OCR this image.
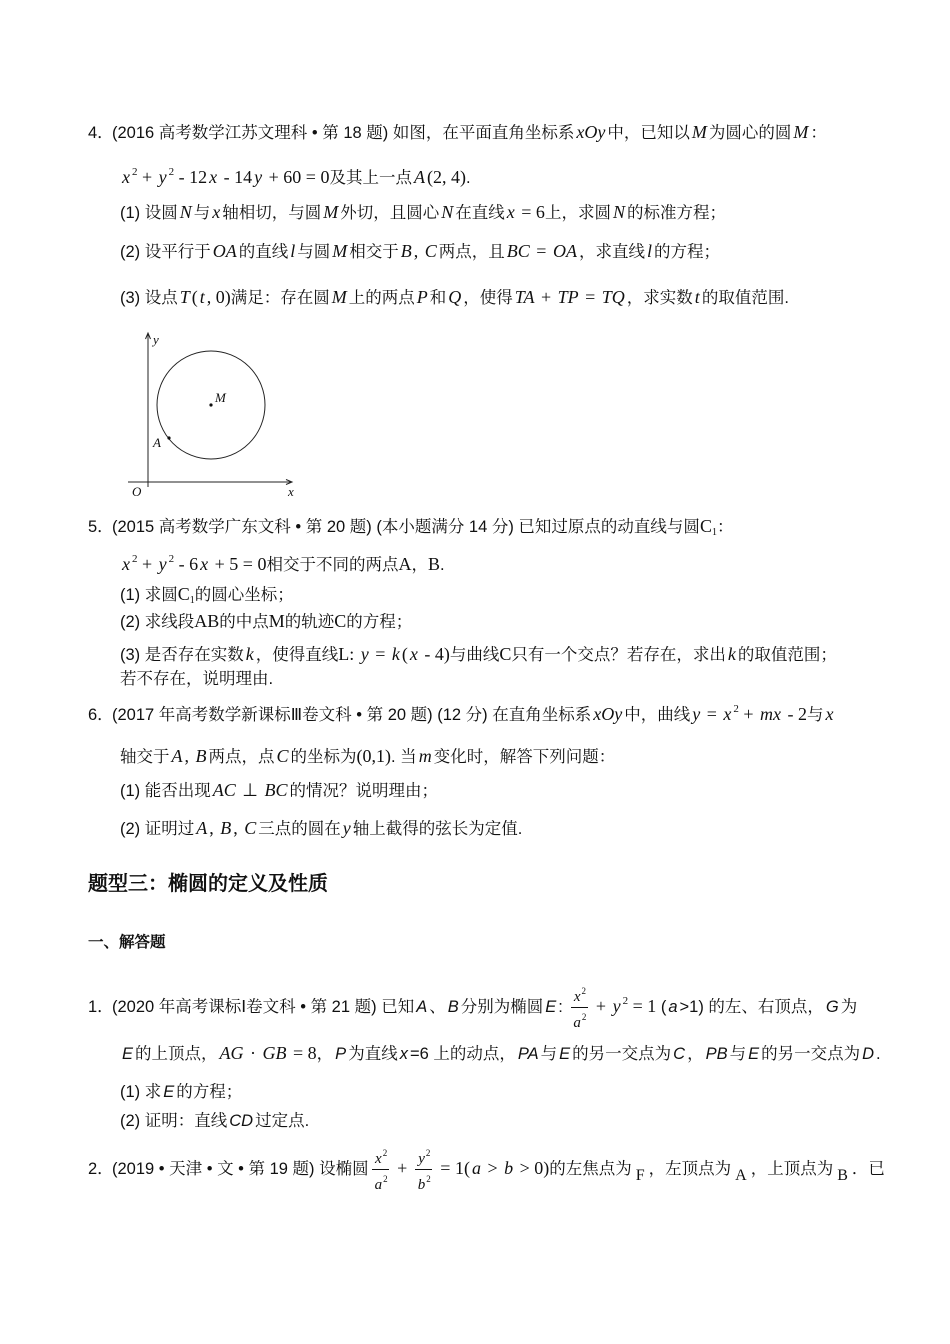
4．(2016 高考数学江苏文理科 • 第 18 题) 如图，在平面直角坐标系 xOy 中，已知以 M 为圆心的圆 M ：
x $^2$ + y $^2$ - 12 x - 14 y + 60 = 0及其上一点 A (2, 4).
(1) 设圆 N 与 x 轴相切，与圆 M 外切，且圆心 N 在直线 x = 6上，求圆 N 的标准方程；
(2) 设平行于 OA 的直线 l 与圆 M 相交于 B , C 两点，且 BC = OA ，求直线 l 的方程；
(3) 设点 T ( t , 0)满足：存在圆 M 上的两点 P 和 Q ，使得 TA + TP = TQ ，求实数 t 的取值范围.
y
M
A
O	x
5．(2015 高考数学广东文科 • 第 20 题) (本小题满分 14 分) 已知过原点的动直线与圆C1：
x $^2$ + y $^2$ - 6 x + 5 = 0相交于不同的两点A，B.
(1) 求圆C1的圆心坐标；
(2) 求线段AB的中点M的轨迹C的方程；
(3) 是否存在实数 k ，使得直线L: y = k ( x - 4)与曲线C只有一个交点？若存在，求出 k 的取值范围；
若不存在，说明理由.
6．(2017 年高考数学新课标Ⅲ卷文科 • 第 20 题) (12 分) 在直角坐标系 xOy 中，曲线 y = x $^2$ + mx - 2与 x
轴交于 A , B 两点，点 C 的坐标为(0,1). 当 m 变化时，解答下列问题：
(1) 能否出现 AC ⊥ BC 的情况？说明理由；
(2) 证明过 A , B , C 三点的圆在 y 轴上截得的弦长为定值.
题型三：椭圆的定义及性质
一、解答题
1．(2020 年高考课标Ⅰ卷文科 • 第 21 题) 已知 A 、 B 分别为椭圆 E : $\frac{x^2}{a^2} + y$ $^2$ = 1 ( a >1) 的左、右顶点， G 为
E 的上顶点， AG · GB = 8， P 为直线 x =6 上的动点， PA 与 E 的另一交点为 C ， PB 与 E 的另一交点为 D .
(1) 求 E 的方程；
(2) 证明：直线 CD 过定点.
2．(2019 • 天津 • 文 • 第 19 题) 设椭圆 $\frac{x^2}{a^2} + \frac{y^2}{b^2} = 1$( a > b > 0)的左焦点为 F ，左顶点为 A ，上顶点为 B ．已
